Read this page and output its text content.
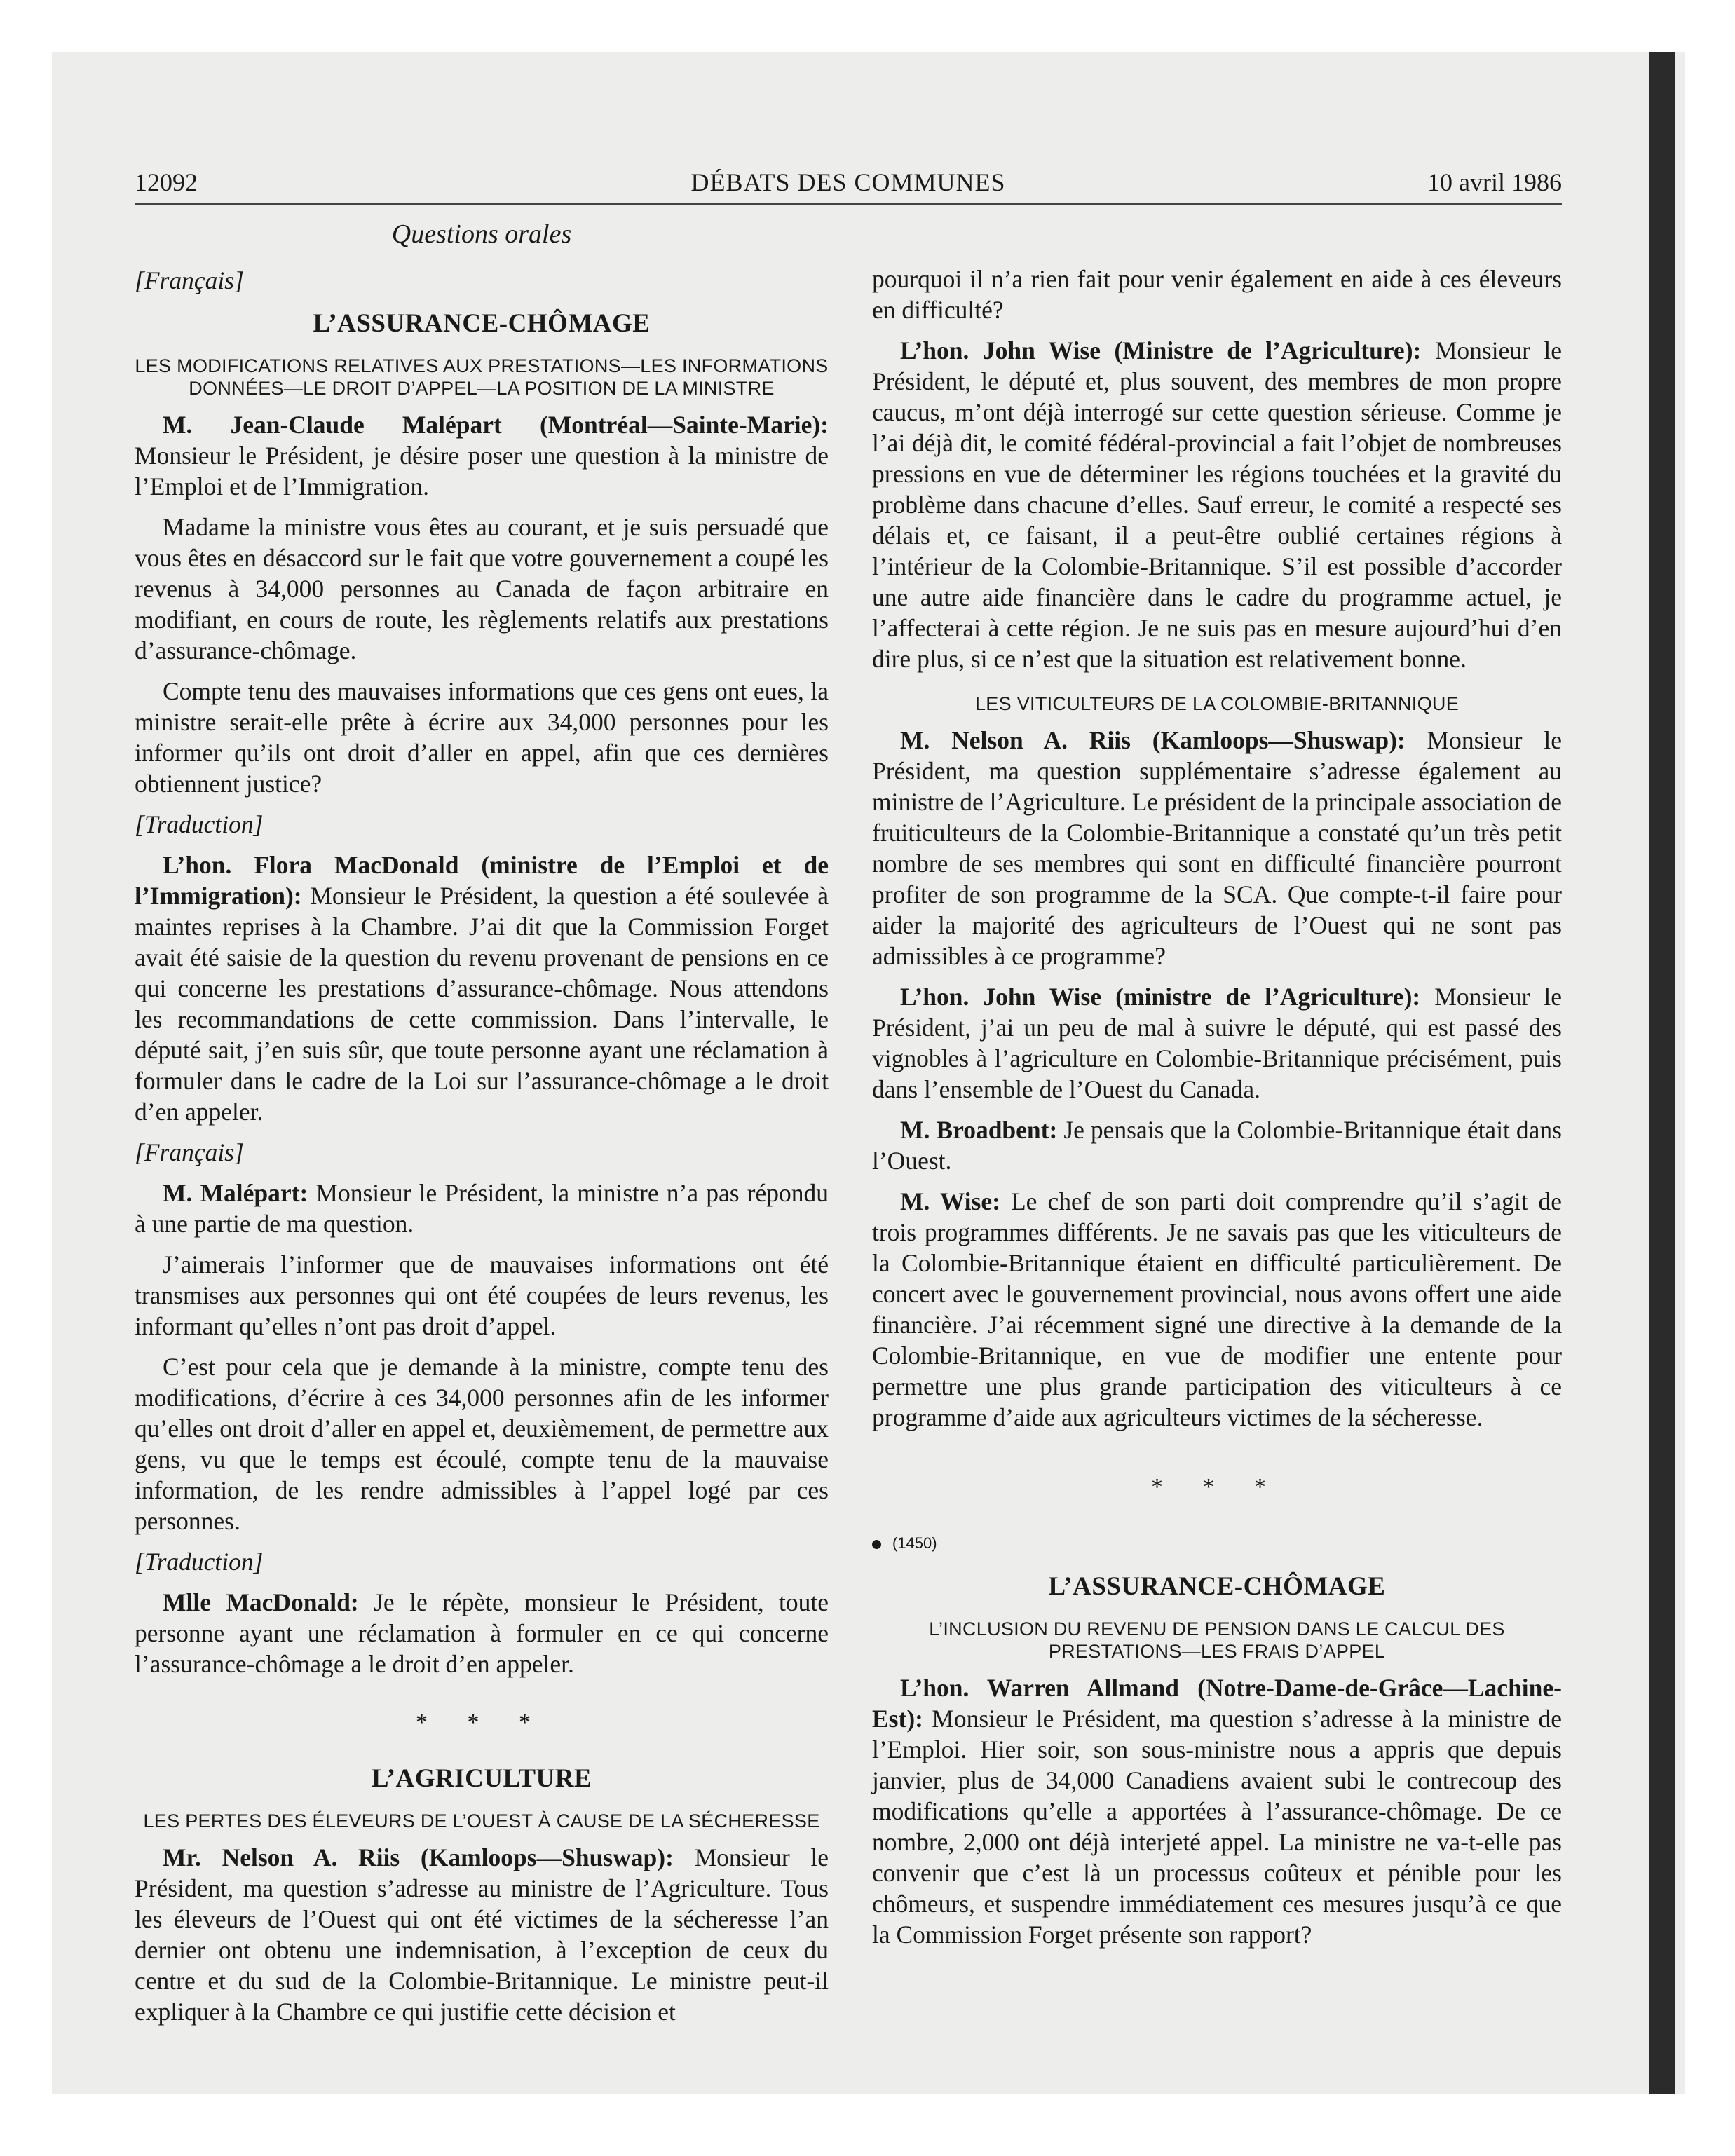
12092	DÉBATS DES COMMUNES	10 avril 1986
Questions orales
[Français]
L’ASSURANCE-CHÔMAGE
LES MODIFICATIONS RELATIVES AUX PRESTATIONS—LES INFORMATIONS DONNÉES—LE DROIT D’APPEL—LA POSITION DE LA MINISTRE

M. Jean-Claude Malépart (Montréal—Sainte-Marie): Monsieur le Président, je désire poser une question à la ministre de l’Emploi et de l’Immigration.

Madame la ministre vous êtes au courant, et je suis persuadé que vous êtes en désaccord sur le fait que votre gouvernement a coupé les revenus à 34,000 personnes au Canada de façon arbitraire en modifiant, en cours de route, les règlements relatifs aux prestations d’assurance-chômage.

Compte tenu des mauvaises informations que ces gens ont eues, la ministre serait-elle prête à écrire aux 34,000 personnes pour les informer qu’ils ont droit d’aller en appel, afin que ces dernières obtiennent justice?

[Traduction]

L’hon. Flora MacDonald (ministre de l’Emploi et de l’Immigration): Monsieur le Président, la question a été soulevée à maintes reprises à la Chambre. J’ai dit que la Commission Forget avait été saisie de la question du revenu provenant de pensions en ce qui concerne les prestations d’assurance-chômage. Nous attendons les recommandations de cette commission. Dans l’intervalle, le député sait, j’en suis sûr, que toute personne ayant une réclamation à formuler dans le cadre de la Loi sur l’assurance-chômage a le droit d’en appeler.

[Français]

M. Malépart: Monsieur le Président, la ministre n’a pas répondu à une partie de ma question.

J’aimerais l’informer que de mauvaises informations ont été transmises aux personnes qui ont été coupées de leurs revenus, les informant qu’elles n’ont pas droit d’appel.

C’est pour cela que je demande à la ministre, compte tenu des modifications, d’écrire à ces 34,000 personnes afin de les informer qu’elles ont droit d’aller en appel et, deuxièmement, de permettre aux gens, vu que le temps est écoulé, compte tenu de la mauvaise information, de les rendre admissibles à l’appel logé par ces personnes.

[Traduction]

Mlle MacDonald: Je le répète, monsieur le Président, toute personne ayant une réclamation à formuler en ce qui concerne l’assurance-chômage a le droit d’en appeler.

* * *
L’AGRICULTURE
LES PERTES DES ÉLEVEURS DE L’OUEST À CAUSE DE LA SÉCHERESSE

Mr. Nelson A. Riis (Kamloops—Shuswap): Monsieur le Président, ma question s’adresse au ministre de l’Agriculture. Tous les éleveurs de l’Ouest qui ont été victimes de la sécheresse l’an dernier ont obtenu une indemnisation, à l’exception de ceux du centre et du sud de la Colombie-Britannique. Le ministre peut-il expliquer à la Chambre ce qui justifie cette décision et

pourquoi il n’a rien fait pour venir également en aide à ces éleveurs en difficulté?

L’hon. John Wise (Ministre de l’Agriculture): Monsieur le Président, le député et, plus souvent, des membres de mon propre caucus, m’ont déjà interrogé sur cette question sérieuse. Comme je l’ai déjà dit, le comité fédéral-provincial a fait l’objet de nombreuses pressions en vue de déterminer les régions touchées et la gravité du problème dans chacune d’elles. Sauf erreur, le comité a respecté ses délais et, ce faisant, il a peut-être oublié certaines régions à l’intérieur de la Colombie-Britannique. S’il est possible d’accorder une autre aide financière dans le cadre du programme actuel, je l’affecterai à cette région. Je ne suis pas en mesure aujourd’hui d’en dire plus, si ce n’est que la situation est relativement bonne.

LES VITICULTEURS DE LA COLOMBIE-BRITANNIQUE

M. Nelson A. Riis (Kamloops—Shuswap): Monsieur le Président, ma question supplémentaire s’adresse également au ministre de l’Agriculture. Le président de la principale association de fruiticulteurs de la Colombie-Britannique a constaté qu’un très petit nombre de ses membres qui sont en difficulté financière pourront profiter de son programme de la SCA. Que compte-t-il faire pour aider la majorité des agriculteurs de l’Ouest qui ne sont pas admissibles à ce programme?

L’hon. John Wise (ministre de l’Agriculture): Monsieur le Président, j’ai un peu de mal à suivre le député, qui est passé des vignobles à l’agriculture en Colombie-Britannique précisément, puis dans l’ensemble de l’Ouest du Canada.

M. Broadbent: Je pensais que la Colombie-Britannique était dans l’Ouest.

M. Wise: Le chef de son parti doit comprendre qu’il s’agit de trois programmes différents. Je ne savais pas que les viticulteurs de la Colombie-Britannique étaient en difficulté particulièrement. De concert avec le gouvernement provincial, nous avons offert une aide financière. J’ai récemment signé une directive à la demande de la Colombie-Britannique, en vue de modifier une entente pour permettre une plus grande participation des viticulteurs à ce programme d’aide aux agriculteurs victimes de la sécheresse.

* * *
(1450)
L’ASSURANCE-CHÔMAGE
L’INCLUSION DU REVENU DE PENSION DANS LE CALCUL DES PRESTATIONS—LES FRAIS D’APPEL

L’hon. Warren Allmand (Notre-Dame-de-Grâce—Lachine-Est): Monsieur le Président, ma question s’adresse à la ministre de l’Emploi. Hier soir, son sous-ministre nous a appris que depuis janvier, plus de 34,000 Canadiens avaient subi le contrecoup des modifications qu’elle a apportées à l’assurance-chômage. De ce nombre, 2,000 ont déjà interjeté appel. La ministre ne va-t-elle pas convenir que c’est là un processus coûteux et pénible pour les chômeurs, et suspendre immédiatement ces mesures jusqu’à ce que la Commission Forget présente son rapport?
